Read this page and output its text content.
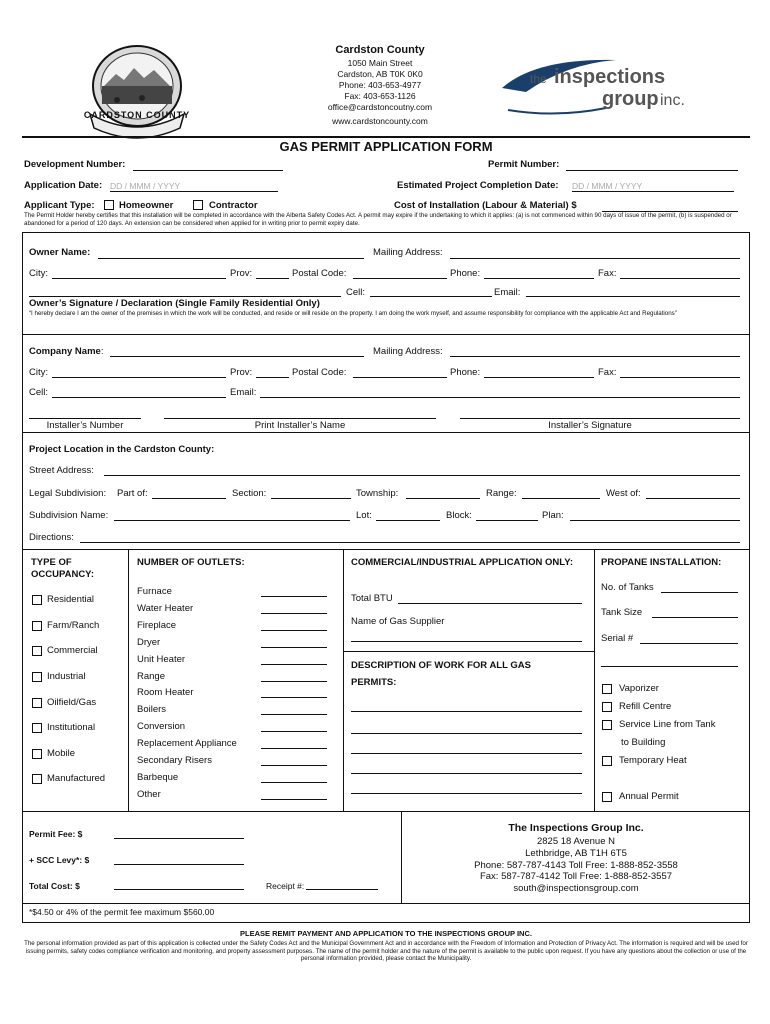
CARDSTON COUNTY
Cardston County
1050 Main Street
Cardston, AB T0K 0K0
Phone: 403-653-4977
Fax: 403-653-1126
office@cardstoncoutny.com
www.cardstoncounty.com
the inspections
group inc.
GAS PERMIT APPLICATION FORM
Development Number:	Permit Number:
Application Date: DD / MMM / YYYY	Estimated Project Completion Date: DD / MMM / YYYY
Applicant Type:	Homeowner	Contractor	Cost of Installation (Labour & Material) $
The Permit Holder hereby certifies that this installation will be completed in accordance with the Alberta Safety Codes Act. A permit may expire if the undertaking to which it applies: (a) is not commenced within 90 days of issue of the permit, (b) is suspended or abandoned for a period of 120 days. An extension can be considered when applied for in writing prior to permit expiry date.
Owner Name:	Mailing Address:
City:	Prov:	Postal Code:	Phone:	Fax:
Cell:	Email:
Owner’s Signature / Declaration (Single Family Residential Only)
“I hereby declare I am the owner of the premises in which the work will be conducted, and reside or will reside on the property. I am doing the work myself, and assume responsibility for compliance with the applicable Act and Regulations”
Company Name:	Mailing Address:
City:	Prov:	Postal Code:	Phone:	Fax:
Cell:	Email:
Installer’s Number	Print Installer’s Name	Installer’s Signature
Project Location in the Cardston County:
Street Address:
Legal Subdivision: Part of:	Section:	Township:	Range:	West of:
Subdivision Name:	Lot:	Block:	Plan:
Directions:
TYPE OF OCCUPANCY:
Residential
Farm/Ranch
Commercial
Industrial
Oilfield/Gas
Institutional
Mobile
Manufactured
NUMBER OF OUTLETS:
Furnace
Water Heater
Fireplace
Dryer
Unit Heater
Range
Room Heater
Boilers
Conversion
Replacement Appliance
Secondary Risers
Barbeque
Other
COMMERCIAL/INDUSTRIAL APPLICATION ONLY:
Total BTU
Name of Gas Supplier
DESCRIPTION OF WORK FOR ALL GAS PERMITS:
PROPANE INSTALLATION:
No. of Tanks
Tank Size
Serial #
Vaporizer
Refill Centre
Service Line from Tank
to Building
Temporary Heat
Annual Permit
Permit Fee: $
+ SCC Levy*: $
Total Cost: $	Receipt #:
The Inspections Group Inc.
2825 18 Avenue N
Lethbridge, AB T1H 6T5
Phone: 587-787-4143 Toll Free: 1-888-852-3558
Fax: 587-787-4142 Toll Free: 1-888-852-3557
south@inspectionsgroup.com
*$4.50 or 4% of the permit fee maximum $560.00
PLEASE REMIT PAYMENT AND APPLICATION TO THE INSPECTIONS GROUP INC.
The personal information provided as part of this application is collected under the Safety Codes Act and the Municipal Government Act and in accordance with the Freedom of Information and Protection of Privacy Act. The information is required and will be used for issuing permits, safety codes compliance verification and monitoring, and property assessment purposes. The name of the permit holder and the nature of the permit is available to the public upon request. If you have any questions about the collection or use of the personal information provided, please contact the Municipality.
